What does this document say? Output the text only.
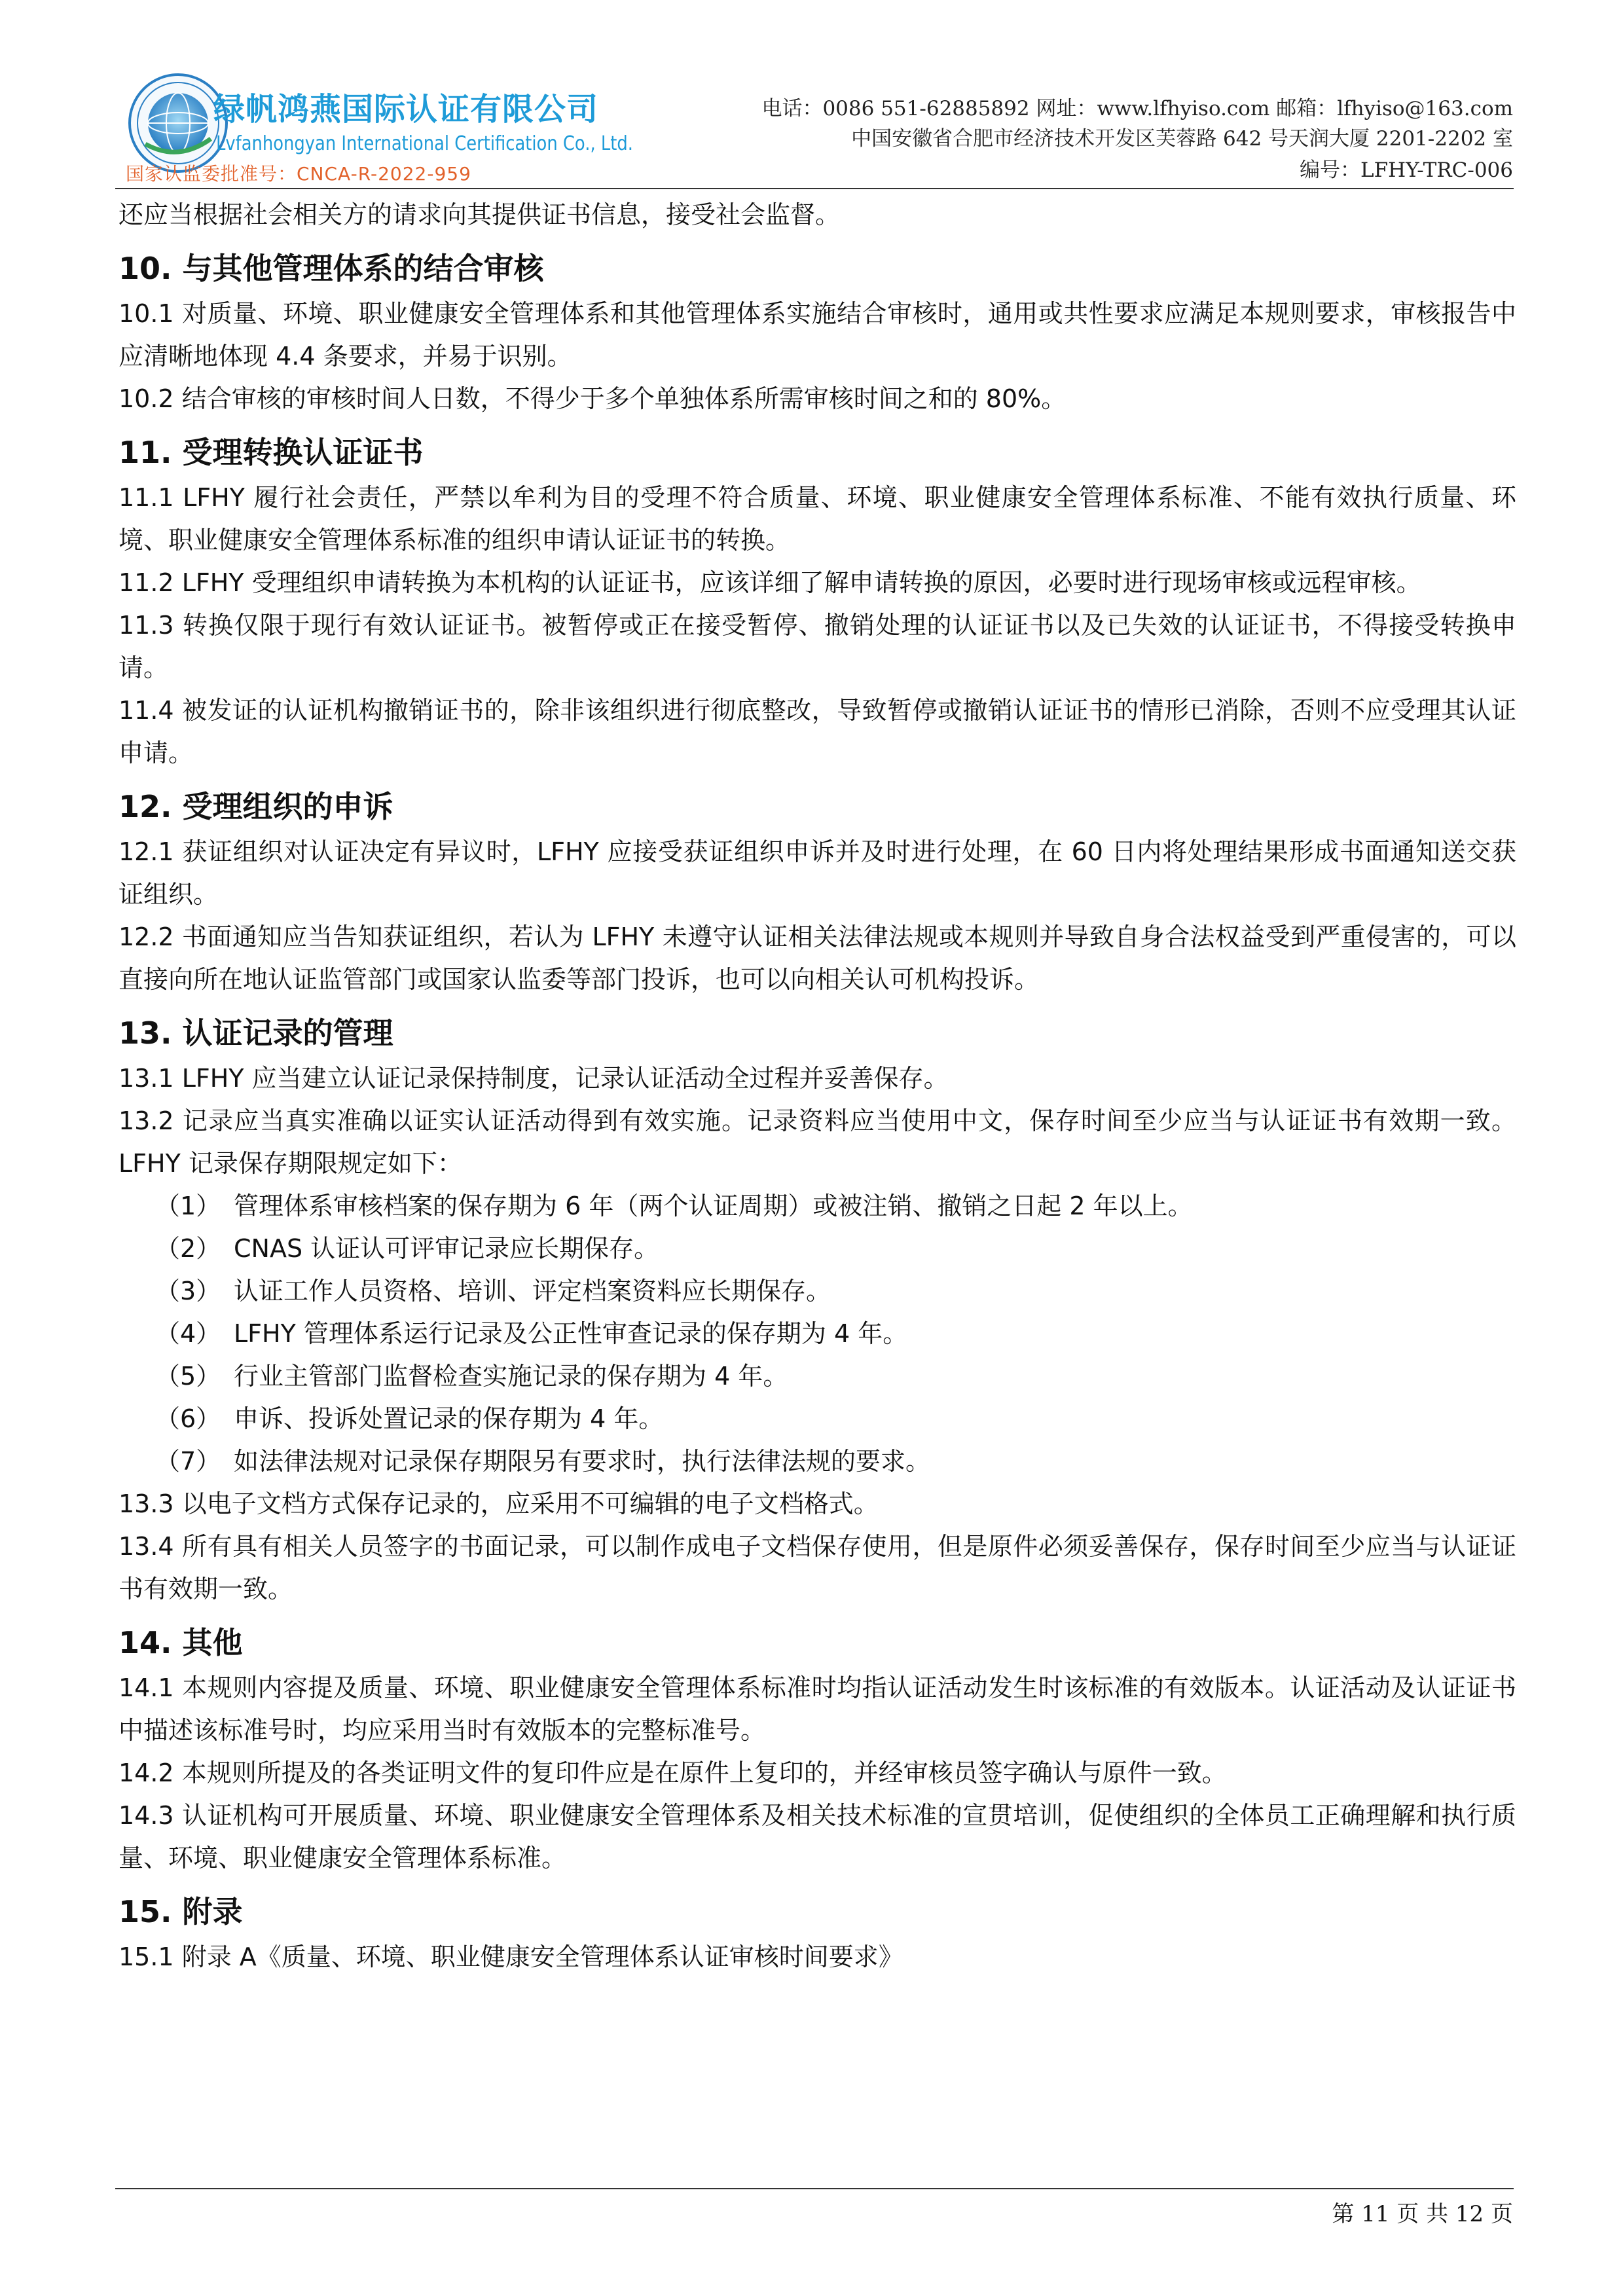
绿帆鸿燕国际认证有限公司
Lvfanhongyan International Certification Co., Ltd.
国家认监委批准号：CNCA-R-2022-959
电话：0086 551-62885892 网址：www.lfhyiso.com 邮箱：lfhyiso@163.com
中国安徽省合肥市经济技术开发区芙蓉路 642 号天润大厦 2201-2202 室
编号：LFHY-TRC-006

还应当根据社会相关方的请求向其提供证书信息，接受社会监督。

10. 与其他管理体系的结合审核

10.1 对质量、环境、职业健康安全管理体系和其他管理体系实施结合审核时，通用或共性要求应满足本规则要求，审核报告中应清晰地体现 4.4 条要求，并易于识别。

10.2 结合审核的审核时间人日数，不得少于多个单独体系所需审核时间之和的 80%。

11. 受理转换认证证书

11.1 LFHY 履行社会责任，严禁以牟利为目的受理不符合质量、环境、职业健康安全管理体系标准、不能有效执行质量、环境、职业健康安全管理体系标准的组织申请认证证书的转换。

11.2 LFHY 受理组织申请转换为本机构的认证证书，应该详细了解申请转换的原因，必要时进行现场审核或远程审核。

11.3 转换仅限于现行有效认证证书。被暂停或正在接受暂停、撤销处理的认证证书以及已失效的认证证书，不得接受转换申请。

11.4 被发证的认证机构撤销证书的，除非该组织进行彻底整改，导致暂停或撤销认证证书的情形已消除，否则不应受理其认证申请。

12. 受理组织的申诉

12.1 获证组织对认证决定有异议时，LFHY 应接受获证组织申诉并及时进行处理，在 60 日内将处理结果形成书面通知送交获证组织。

12.2 书面通知应当告知获证组织，若认为 LFHY 未遵守认证相关法律法规或本规则并导致自身合法权益受到严重侵害的，可以直接向所在地认证监管部门或国家认监委等部门投诉，也可以向相关认可机构投诉。

13. 认证记录的管理

13.1 LFHY 应当建立认证记录保持制度，记录认证活动全过程并妥善保存。

13.2 记录应当真实准确以证实认证活动得到有效实施。记录资料应当使用中文，保存时间至少应当与认证证书有效期一致。LFHY 记录保存期限规定如下：

（1） 管理体系审核档案的保存期为 6 年（两个认证周期）或被注销、撤销之日起 2 年以上。

（2） CNAS 认证认可评审记录应长期保存。

（3） 认证工作人员资格、培训、评定档案资料应长期保存。

（4） LFHY 管理体系运行记录及公正性审查记录的保存期为 4 年。

（5） 行业主管部门监督检查实施记录的保存期为 4 年。

（6） 申诉、投诉处置记录的保存期为 4 年。

（7） 如法律法规对记录保存期限另有要求时，执行法律法规的要求。

13.3 以电子文档方式保存记录的，应采用不可编辑的电子文档格式。

13.4 所有具有相关人员签字的书面记录，可以制作成电子文档保存使用，但是原件必须妥善保存，保存时间至少应当与认证证书有效期一致。

14. 其他

14.1 本规则内容提及质量、环境、职业健康安全管理体系标准时均指认证活动发生时该标准的有效版本。认证活动及认证证书中描述该标准号时，均应采用当时有效版本的完整标准号。

14.2 本规则所提及的各类证明文件的复印件应是在原件上复印的，并经审核员签字确认与原件一致。

14.3 认证机构可开展质量、环境、职业健康安全管理体系及相关技术标准的宣贯培训，促使组织的全体员工正确理解和执行质量、环境、职业健康安全管理体系标准。

15. 附录

15.1 附录 A《质量、环境、职业健康安全管理体系认证审核时间要求》

第 11 页 共 12 页
